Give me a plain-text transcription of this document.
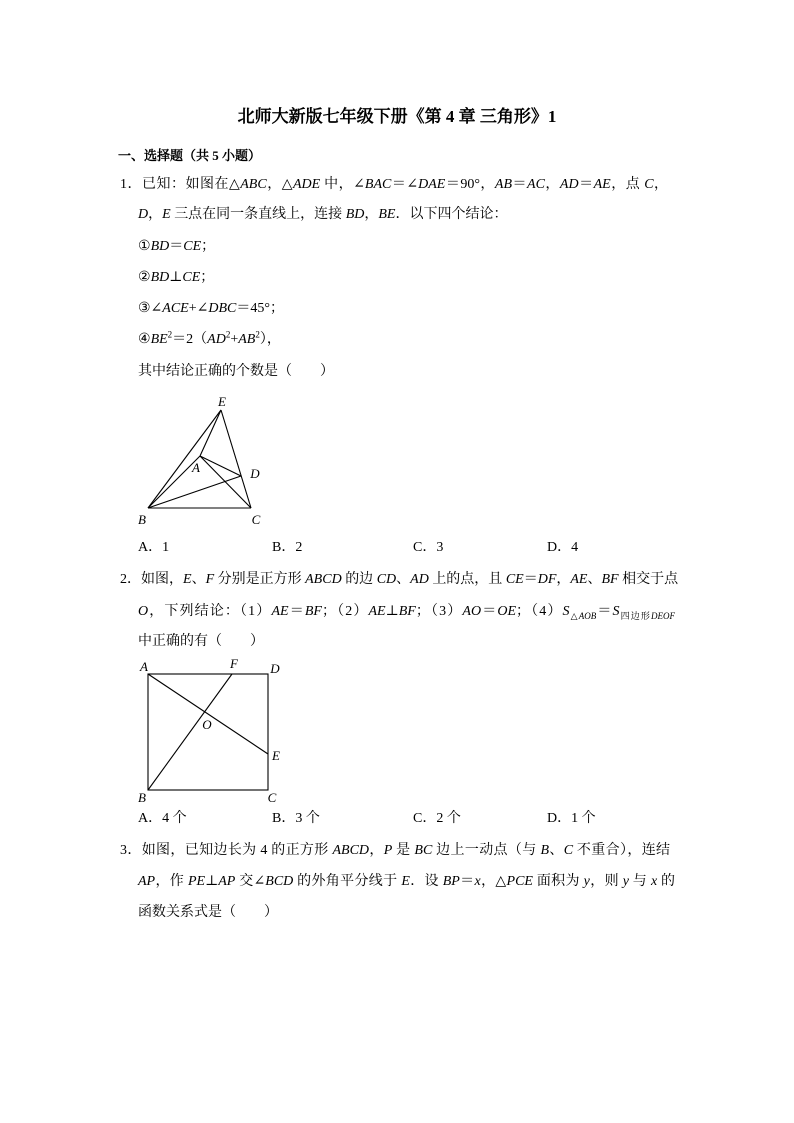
北师大新版七年级下册《第 4 章 三角形》1
一、选择题（共 5 小题）
1．已知：如图在△ABC，△ADE 中，∠BAC＝∠DAE＝90°，AB＝AC，AD＝AE，点 C，
D，E 三点在同一条直线上，连接 BD，BE．以下四个结论：
①BD＝CE；
②BD⊥CE；
③∠ACE+∠DBC＝45°；
$④BE^2=2(AD^2+AB^2)$，
其中结论正确的个数是（　　）
E
A	D
B	C
A．1	B．2	C．3	D．4
2．如图，E、F 分别是正方形 ABCD 的边 CD、AD 上的点，且 CE＝DF，AE、BF 相交于点
O，下列结论：（1）AE＝BF；（2）AE⊥BF；（3）AO＝OE；$(4)S_{\triangle AOB}=S_{四边形DEOF}$
中正确的有（　　）
A	F D
O
E
B	C
A．4 个	B．3 个	C．2 个	D．1 个
3．如图，已知边长为 4 的正方形 ABCD，P 是 BC 边上一动点（与 B、C 不重合），连结
AP，作 PE⊥AP 交∠BCD 的外角平分线于 E．设 BP＝x，△PCE 面积为 y，则 y 与 x 的
函数关系式是（　　）
